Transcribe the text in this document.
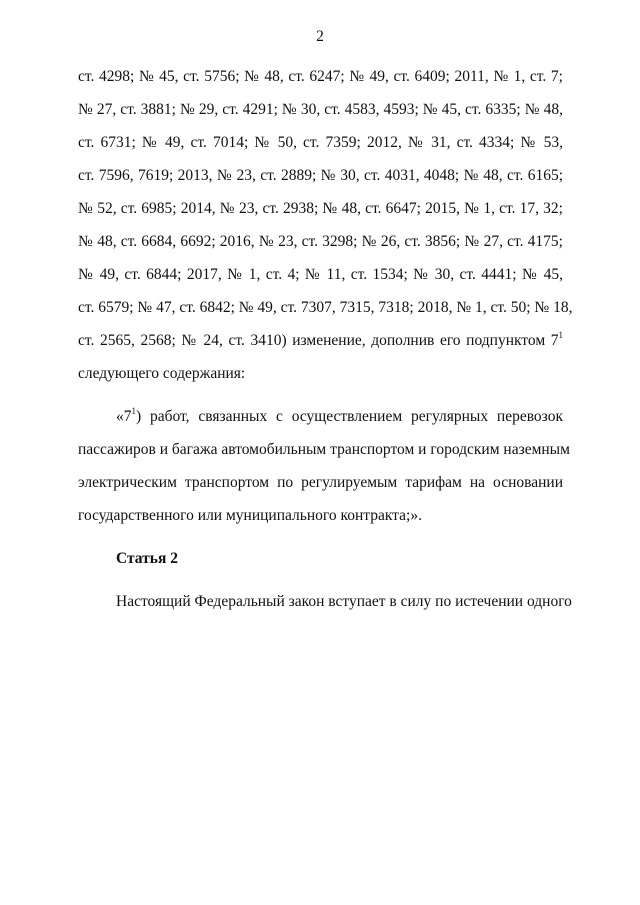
2
ст. 4298; № 45, ст. 5756; № 48, ст. 6247; № 49, ст. 6409; 2011, № 1, ст. 7;
№ 27, ст. 3881; № 29, ст. 4291; № 30, ст. 4583, 4593; № 45, ст. 6335; № 48,
ст. 6731; № 49, ст. 7014; № 50, ст. 7359; 2012, № 31, ст. 4334; № 53,
ст. 7596, 7619; 2013, № 23, ст. 2889; № 30, ст. 4031, 4048; № 48, ст. 6165;
№ 52, ст. 6985; 2014, № 23, ст. 2938; № 48, ст. 6647; 2015, № 1, ст. 17, 32;
№ 48, ст. 6684, 6692; 2016, № 23, ст. 3298; № 26, ст. 3856; № 27, ст. 4175;
№ 49, ст. 6844; 2017, № 1, ст. 4; № 11, ст. 1534; № 30, ст. 4441; № 45,
ст. 6579; № 47, ст. 6842; № 49, ст. 7307, 7315, 7318; 2018, № 1, ст. 50; № 18,
ст. 2565, 2568; № 24, ст. 3410) изменение, дополнив его подпунктом $7^1$
следующего содержания:
«$7^1$) работ, связанных с осуществлением регулярных перевозок
пассажиров и багажа автомобильным транспортом и городским наземным
электрическим транспортом по регулируемым тарифам на основании
государственного или муниципального контракта;».
Статья 2
Настоящий Федеральный закон вступает в силу по истечении одного
